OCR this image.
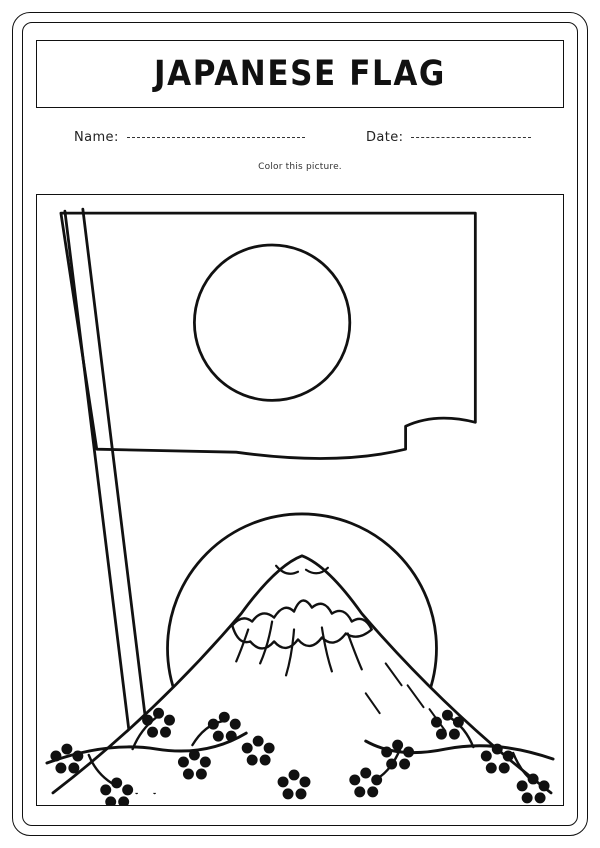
JAPANESE FLAG
Name:	Date:
Color this picture.
